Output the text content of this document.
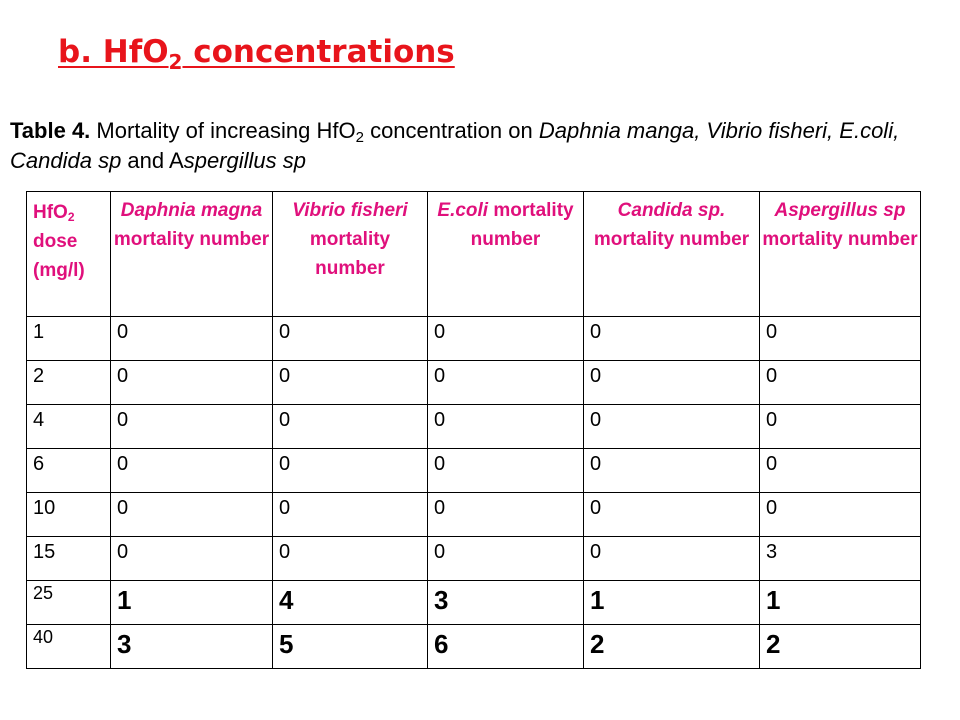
b. HfO$_2$ concentrations
Table 4. Mortality of increasing HfO$_2$ concentration on Daphnia manga, Vibrio fisheri, E.coli, Candida sp and Aspergillus sp
HfO$_2$
dose
(mg/l)	Daphnia magna mortality number	Vibrio fisheri mortality number	E.coli mortality number	Candida sp. mortality number	Aspergillus sp mortality number
1	0	0	0	0	0
2	0	0	0	0	0
4	0	0	0	0	0
6	0	0	0	0	0
10	0	0	0	0	0
15	0	0	0	0	3
25	1	4	3	1	1
40	3	5	6	2	2
